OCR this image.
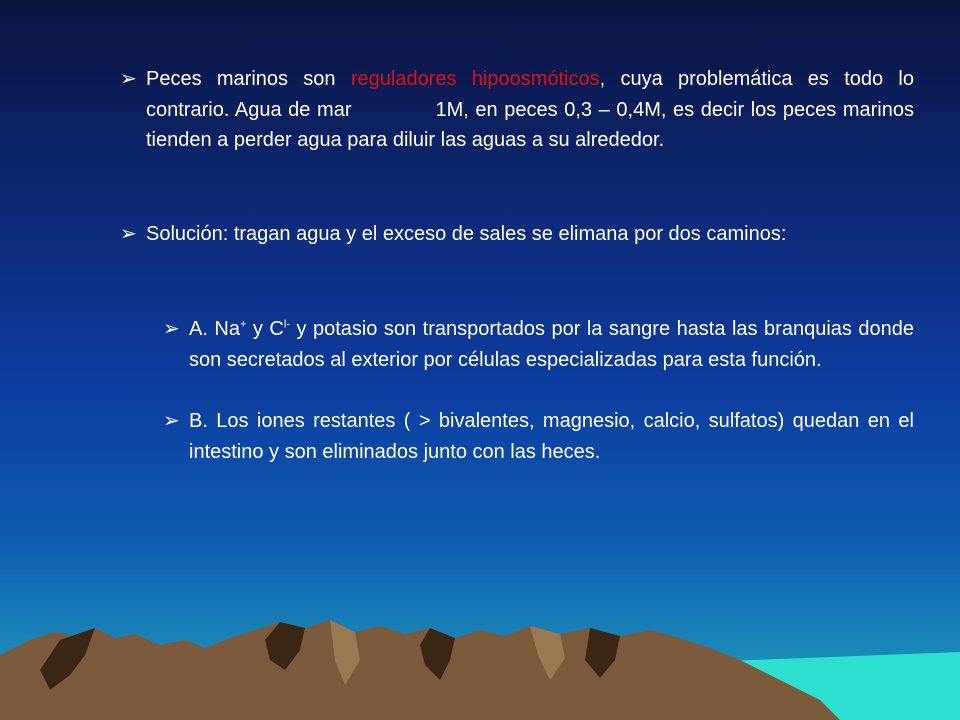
➢ Peces marinos son reguladores hipoosmóticos, cuya problemática es todo lo contrario. Agua de mar	1M, en peces 0,3 – 0,4M, es decir los peces marinos tienden a perder agua para diluir las aguas a su alrededor.
➢ Solución: tragan agua y el exceso de sales se elimana por dos caminos:
➢ A. Na+ y $C^{l-}$ y potasio son transportados por la sangre hasta las branquias donde son secretados al exterior por células especializadas para esta función.
➢ B. Los iones restantes ( > bivalentes, magnesio, calcio, sulfatos) quedan en el intestino y son eliminados junto con las heces.
